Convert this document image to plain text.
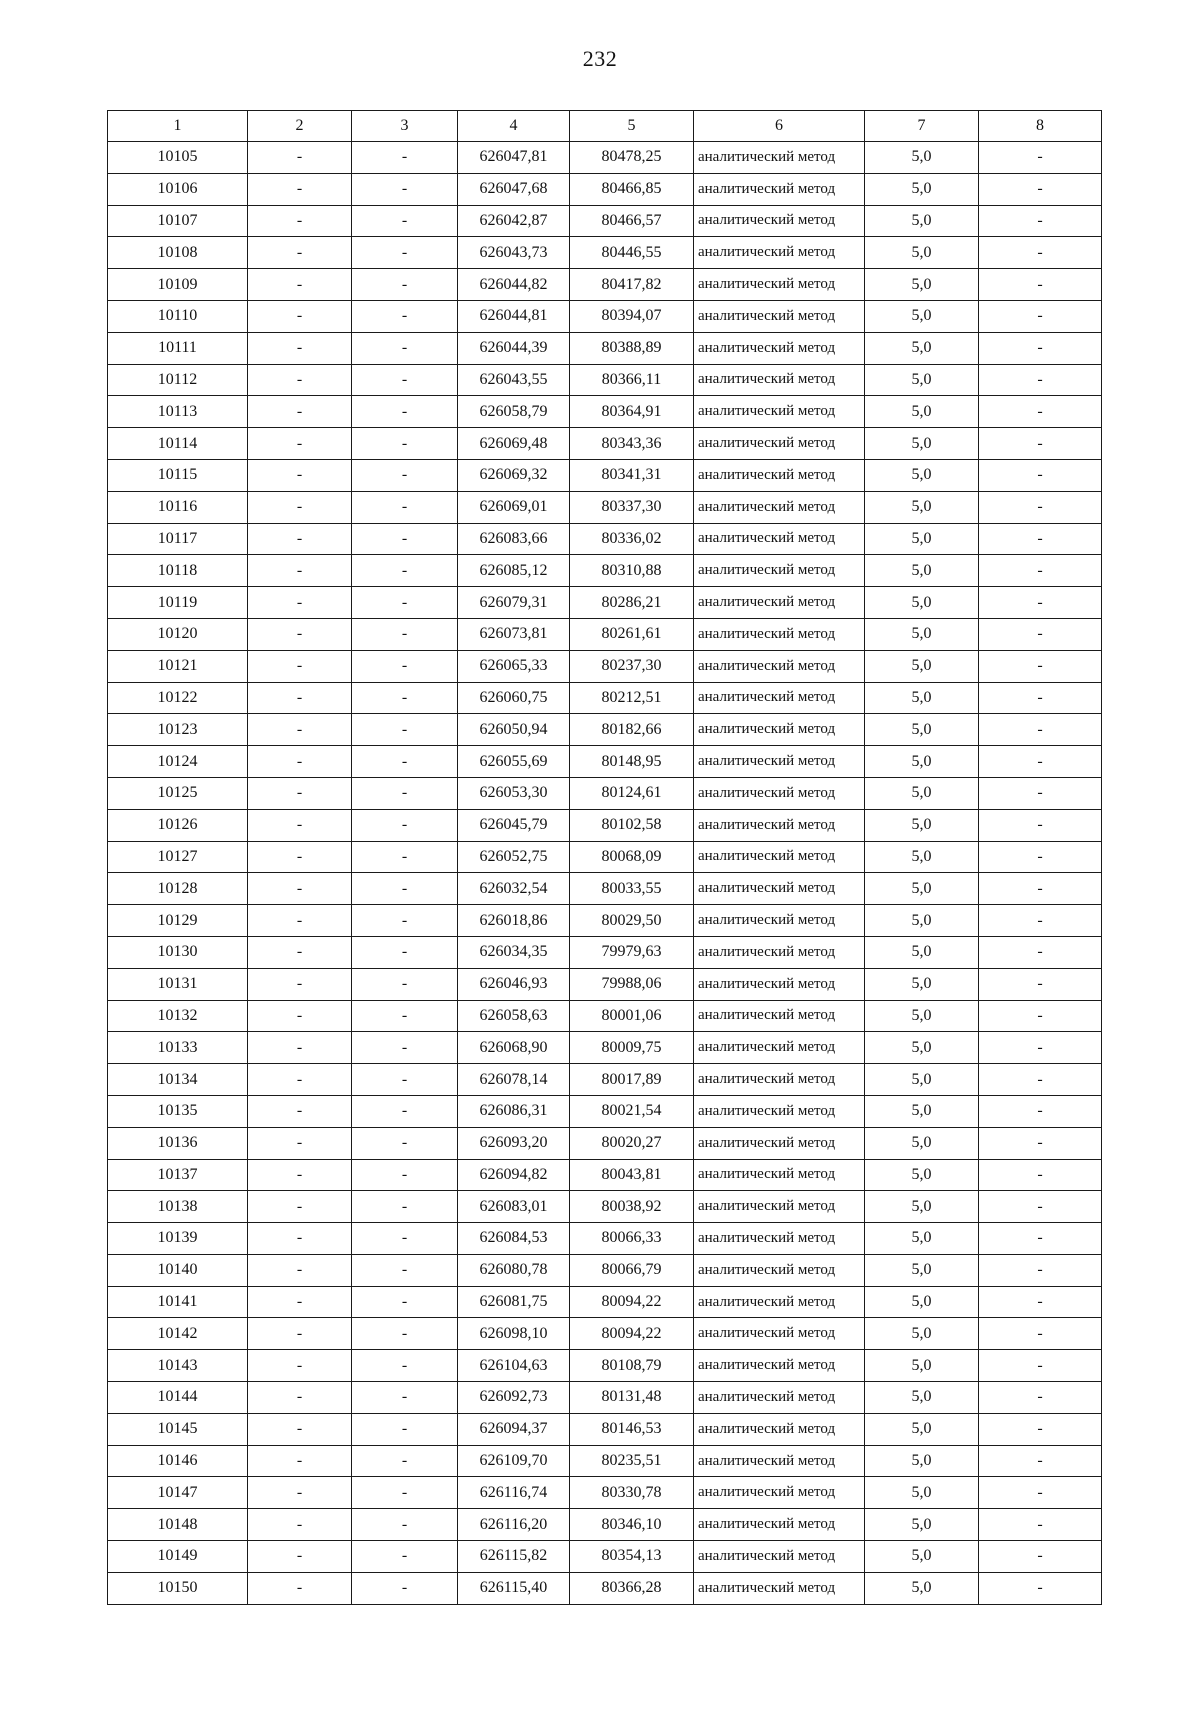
232
1	2	3	4	5	6	7	8
10105	-	-	626047,81	80478,25	аналитический метод	5,0	-
10106	-	-	626047,68	80466,85	аналитический метод	5,0	-
10107	-	-	626042,87	80466,57	аналитический метод	5,0	-
10108	-	-	626043,73	80446,55	аналитический метод	5,0	-
10109	-	-	626044,82	80417,82	аналитический метод	5,0	-
10110	-	-	626044,81	80394,07	аналитический метод	5,0	-
10111	-	-	626044,39	80388,89	аналитический метод	5,0	-
10112	-	-	626043,55	80366,11	аналитический метод	5,0	-
10113	-	-	626058,79	80364,91	аналитический метод	5,0	-
10114	-	-	626069,48	80343,36	аналитический метод	5,0	-
10115	-	-	626069,32	80341,31	аналитический метод	5,0	-
10116	-	-	626069,01	80337,30	аналитический метод	5,0	-
10117	-	-	626083,66	80336,02	аналитический метод	5,0	-
10118	-	-	626085,12	80310,88	аналитический метод	5,0	-
10119	-	-	626079,31	80286,21	аналитический метод	5,0	-
10120	-	-	626073,81	80261,61	аналитический метод	5,0	-
10121	-	-	626065,33	80237,30	аналитический метод	5,0	-
10122	-	-	626060,75	80212,51	аналитический метод	5,0	-
10123	-	-	626050,94	80182,66	аналитический метод	5,0	-
10124	-	-	626055,69	80148,95	аналитический метод	5,0	-
10125	-	-	626053,30	80124,61	аналитический метод	5,0	-
10126	-	-	626045,79	80102,58	аналитический метод	5,0	-
10127	-	-	626052,75	80068,09	аналитический метод	5,0	-
10128	-	-	626032,54	80033,55	аналитический метод	5,0	-
10129	-	-	626018,86	80029,50	аналитический метод	5,0	-
10130	-	-	626034,35	79979,63	аналитический метод	5,0	-
10131	-	-	626046,93	79988,06	аналитический метод	5,0	-
10132	-	-	626058,63	80001,06	аналитический метод	5,0	-
10133	-	-	626068,90	80009,75	аналитический метод	5,0	-
10134	-	-	626078,14	80017,89	аналитический метод	5,0	-
10135	-	-	626086,31	80021,54	аналитический метод	5,0	-
10136	-	-	626093,20	80020,27	аналитический метод	5,0	-
10137	-	-	626094,82	80043,81	аналитический метод	5,0	-
10138	-	-	626083,01	80038,92	аналитический метод	5,0	-
10139	-	-	626084,53	80066,33	аналитический метод	5,0	-
10140	-	-	626080,78	80066,79	аналитический метод	5,0	-
10141	-	-	626081,75	80094,22	аналитический метод	5,0	-
10142	-	-	626098,10	80094,22	аналитический метод	5,0	-
10143	-	-	626104,63	80108,79	аналитический метод	5,0	-
10144	-	-	626092,73	80131,48	аналитический метод	5,0	-
10145	-	-	626094,37	80146,53	аналитический метод	5,0	-
10146	-	-	626109,70	80235,51	аналитический метод	5,0	-
10147	-	-	626116,74	80330,78	аналитический метод	5,0	-
10148	-	-	626116,20	80346,10	аналитический метод	5,0	-
10149	-	-	626115,82	80354,13	аналитический метод	5,0	-
10150	-	-	626115,40	80366,28	аналитический метод	5,0	-
